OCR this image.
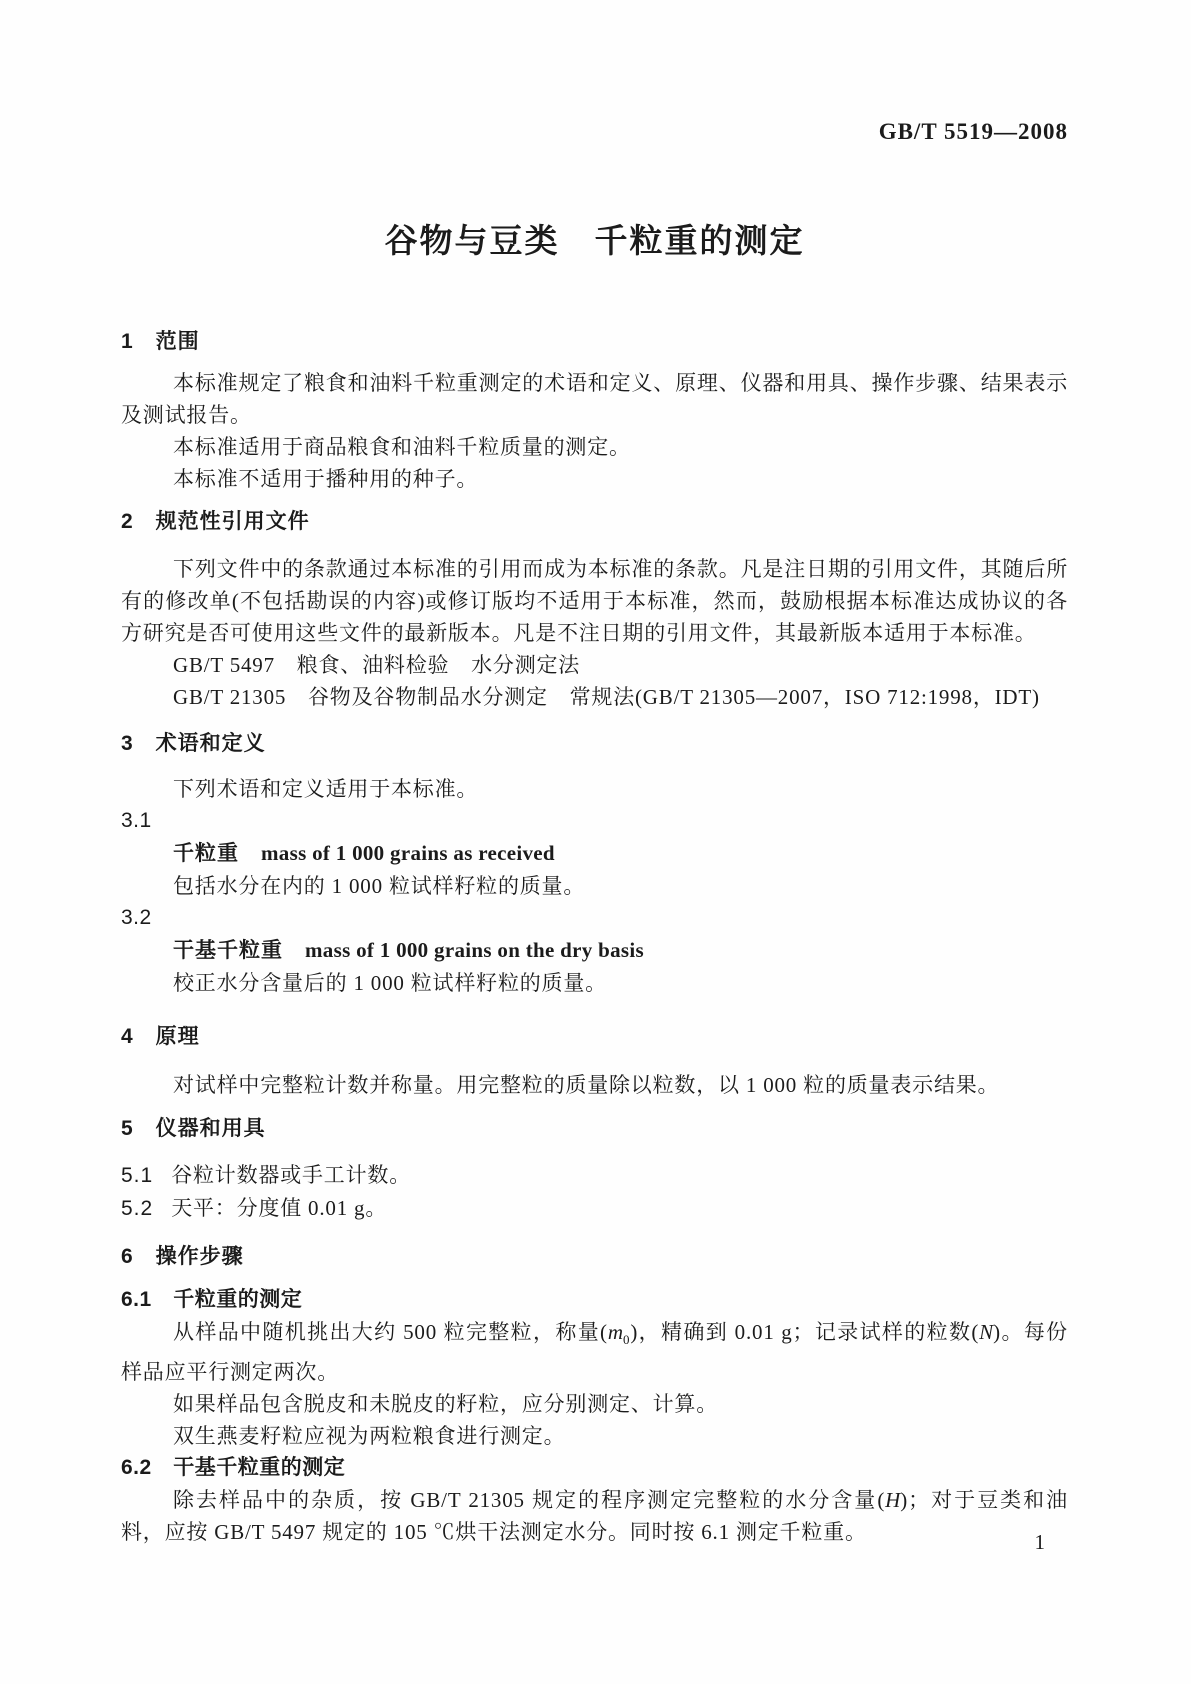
GB/T 5519—2008
谷物与豆类　千粒重的测定
1　范围

本标准规定了粮食和油料千粒重测定的术语和定义、原理、仪器和用具、操作步骤、结果表示及测试报告。

本标准适用于商品粮食和油料千粒质量的测定。

本标准不适用于播种用的种子。

2　规范性引用文件

下列文件中的条款通过本标准的引用而成为本标准的条款。凡是注日期的引用文件，其随后所有的修改单(不包括勘误的内容)或修订版均不适用于本标准，然而，鼓励根据本标准达成协议的各方研究是否可使用这些文件的最新版本。凡是不注日期的引用文件，其最新版本适用于本标准。

GB/T 5497　粮食、油料检验　水分测定法

GB/T 21305　谷物及谷物制品水分测定　常规法(GB/T 21305—2007，ISO 712:1998，IDT)

3　术语和定义

下列术语和定义适用于本标准。

3.1

千粒重 mass of 1 000 grains as received

包括水分在内的 1 000 粒试样籽粒的质量。

3.2

干基千粒重 mass of 1 000 grains on the dry basis

校正水分含量后的 1 000 粒试样籽粒的质量。

4　原理

对试样中完整粒计数并称量。用完整粒的质量除以粒数，以 1 000 粒的质量表示结果。

5　仪器和用具

5.1 谷粒计数器或手工计数。

5.2 天平：分度值 0.01 g。

6　操作步骤
6.1　千粒重的测定

从样品中随机挑出大约 500 粒完整粒，称量$(m_0)$，精确到 0.01 g；记录试样的粒数(N)。每份样品应平行测定两次。

如果样品包含脱皮和未脱皮的籽粒，应分别测定、计算。

双生燕麦籽粒应视为两粒粮食进行测定。

6.2　干基千粒重的测定

除去样品中的杂质，按 GB/T 21305 规定的程序测定完整粒的水分含量(H)；对于豆类和油料，应按 GB/T 5497 规定的 105 ℃烘干法测定水分。同时按 6.1 测定千粒重。	1
